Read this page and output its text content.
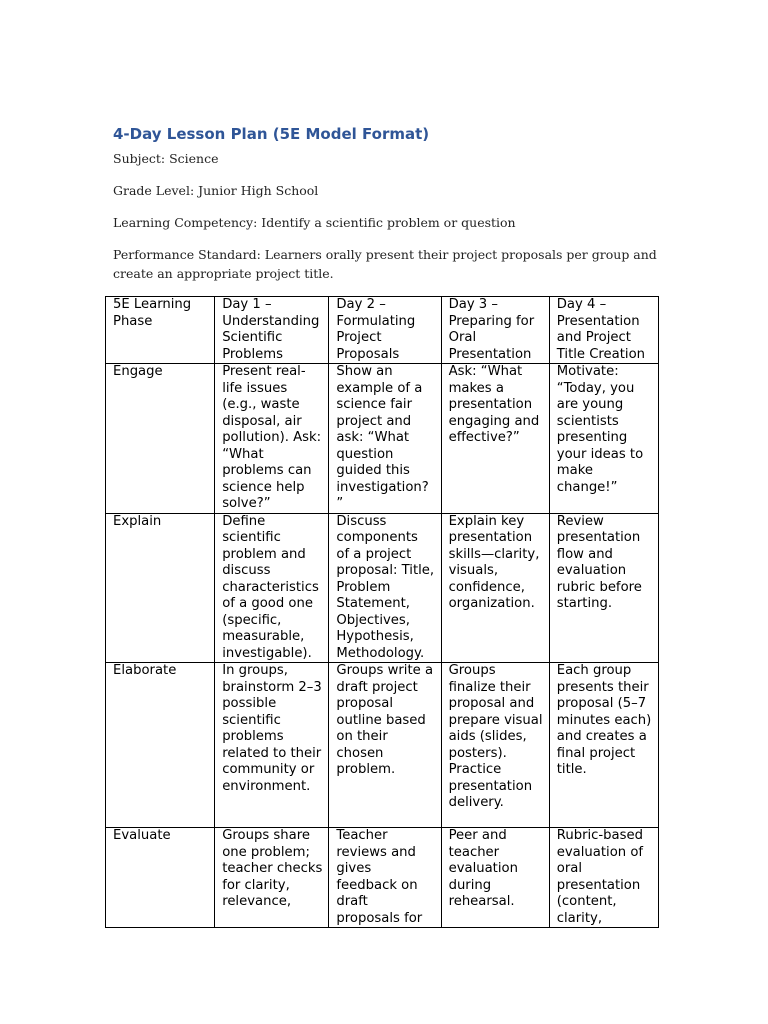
4-Day Lesson Plan (5E Model Format)
Subject: Science
Grade Level: Junior High School
Learning Competency: Identify a scientific problem or question
Performance Standard: Learners orally present their project proposals per group and create an appropriate project title.
5E Learning Phase	Day 1 – Understanding Scientific Problems	Day 2 – Formulating Project Proposals	Day 3 – Preparing for Oral Presentation	Day 4 – Presentation and Project Title Creation
Engage	Present real-life issues (e.g., waste disposal, air pollution). Ask: “What problems can science help solve?”	Show an example of a science fair project and ask: “What question guided this investigation?”	Ask: “What makes a presentation engaging and effective?”	Motivate: “Today, you are young scientists presenting your ideas to make change!”
Explain	Define scientific problem and discuss characteristics of a good one (specific, measurable, investigable).	Discuss components of a project proposal: Title, Problem Statement, Objectives, Hypothesis, Methodology.	Explain key presentation skills—clarity, visuals, confidence, organization.	Review presentation flow and evaluation rubric before starting.
Elaborate	In groups, brainstorm 2–3 possible scientific problems related to their community or environment.	Groups write a draft project proposal outline based on their chosen problem.	Groups finalize their proposal and prepare visual aids (slides, posters). Practice presentation delivery.	Each group presents their proposal (5–7 minutes each) and creates a final project title.
Evaluate	Groups share one problem; teacher checks for clarity, relevance,	Teacher reviews and gives feedback on draft proposals for	Peer and teacher evaluation during rehearsal.	Rubric-based evaluation of oral presentation (content, clarity,
